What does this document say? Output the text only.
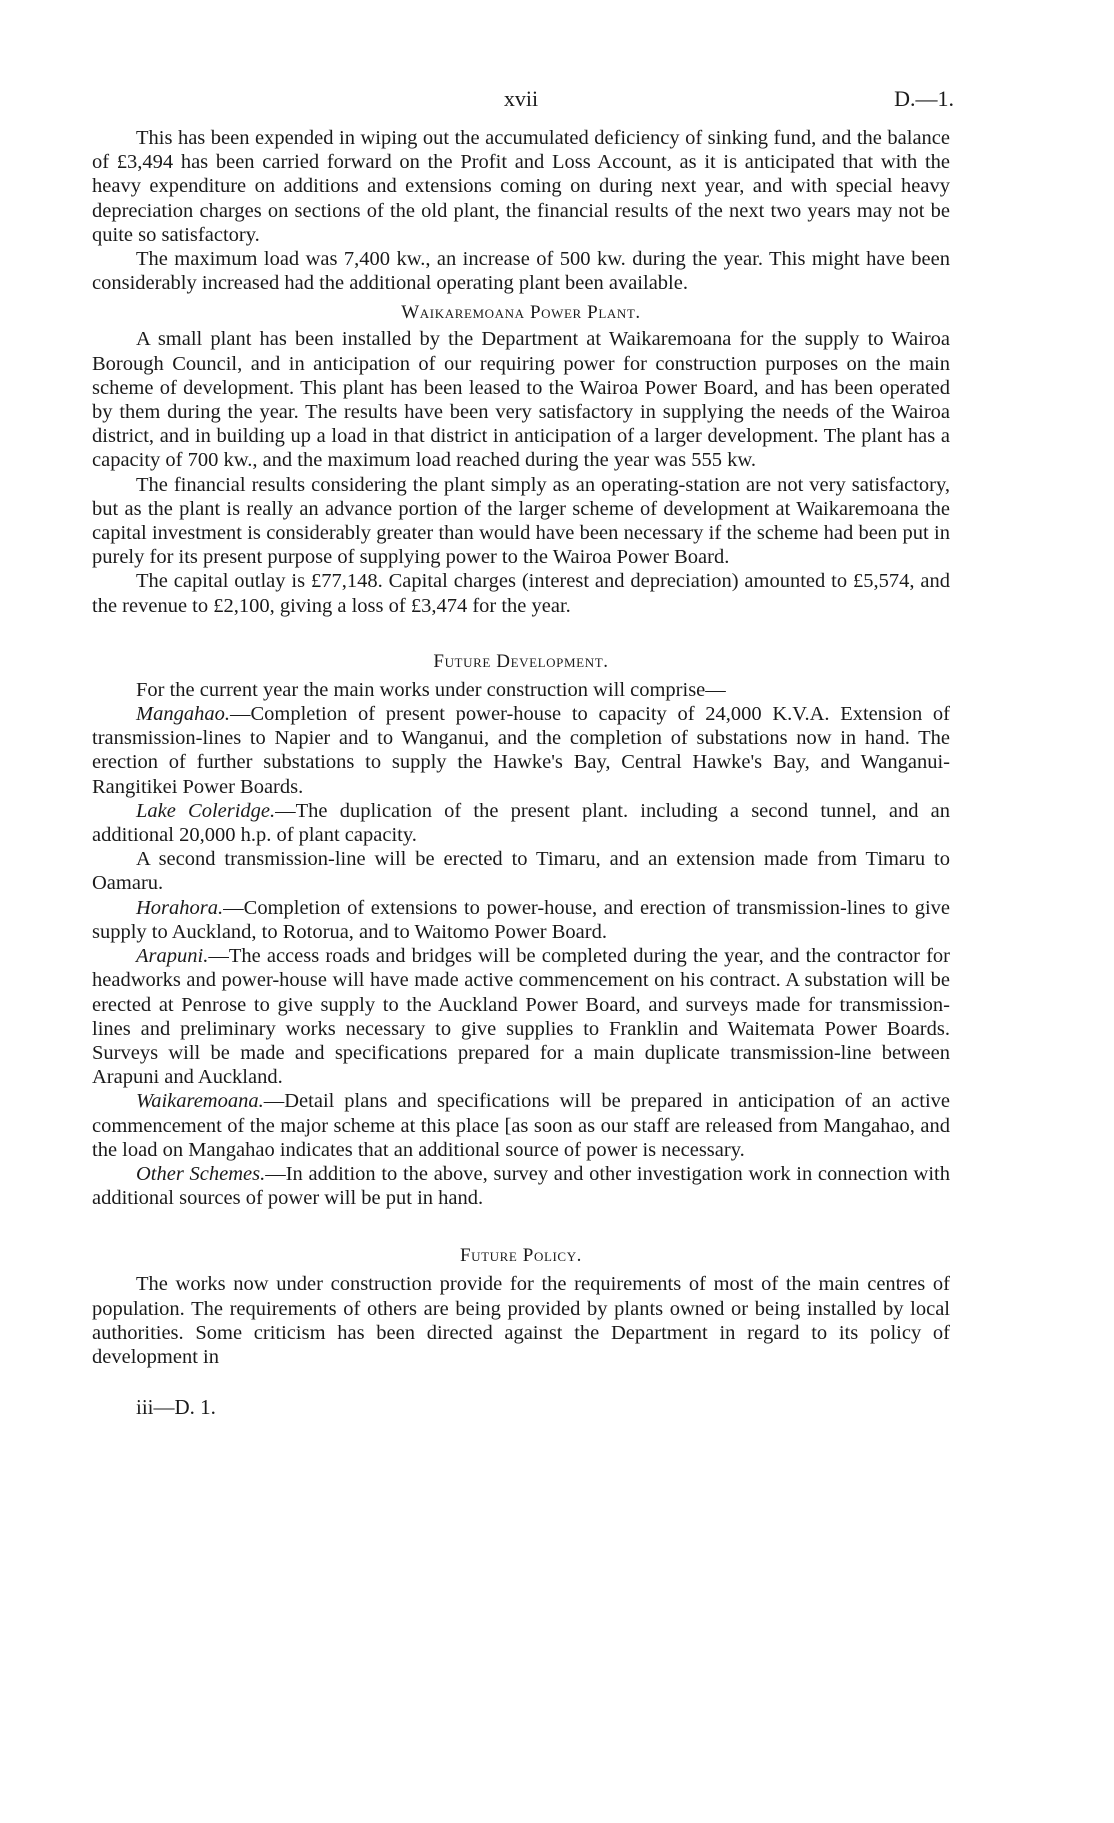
xvii	D.—1.

This has been expended in wiping out the accumulated deficiency of sinking fund, and the balance of £3,494 has been carried forward on the Profit and Loss Account, as it is anticipated that with the heavy expenditure on additions and extensions coming on during next year, and with special heavy depreciation charges on sections of the old plant, the financial results of the next two years may not be quite so satisfactory.

The maximum load was 7,400 kw., an increase of 500 kw. during the year. This might have been considerably increased had the additional operating plant been available.

Waikaremoana Power Plant.

A small plant has been installed by the Department at Waikaremoana for the supply to Wairoa Borough Council, and in anticipation of our requiring power for construction purposes on the main scheme of development. This plant has been leased to the Wairoa Power Board, and has been operated by them during the year. The results have been very satisfactory in supplying the needs of the Wairoa district, and in building up a load in that district in anticipation of a larger development. The plant has a capacity of 700 kw., and the maximum load reached during the year was 555 kw.

The financial results considering the plant simply as an operating-station are not very satisfactory, but as the plant is really an advance portion of the larger scheme of development at Waikaremoana the capital investment is considerably greater than would have been necessary if the scheme had been put in purely for its present purpose of supplying power to the Wairoa Power Board.

The capital outlay is £77,148. Capital charges (interest and depreciation) amounted to £5,574, and the revenue to £2,100, giving a loss of £3,474 for the year.

Future Development.

For the current year the main works under construction will comprise—

Mangahao.—Completion of present power-house to capacity of 24,000 K.V.A. Extension of transmission-lines to Napier and to Wanganui, and the completion of substations now in hand. The erection of further substations to supply the Hawke's Bay, Central Hawke's Bay, and Wanganui-Rangitikei Power Boards.

Lake Coleridge.—The duplication of the present plant. including a second tunnel, and an additional 20,000 h.p. of plant capacity.

A second transmission-line will be erected to Timaru, and an extension made from Timaru to Oamaru.

Horahora.—Completion of extensions to power-house, and erection of transmission-lines to give supply to Auckland, to Rotorua, and to Waitomo Power Board.

Arapuni.—The access roads and bridges will be completed during the year, and the contractor for headworks and power-house will have made active commencement on his contract. A substation will be erected at Penrose to give supply to the Auckland Power Board, and surveys made for transmission-lines and preliminary works necessary to give supplies to Franklin and Waitemata Power Boards. Surveys will be made and specifications prepared for a main duplicate transmission-line between Arapuni and Auckland.

Waikaremoana.—Detail plans and specifications will be prepared in anticipation of an active commencement of the major scheme at this place [as soon as our staff are released from Mangahao, and the load on Mangahao indicates that an additional source of power is necessary.

Other Schemes.—In addition to the above, survey and other investigation work in connection with additional sources of power will be put in hand.

Future Policy.

The works now under construction provide for the requirements of most of the main centres of population. The requirements of others are being provided by plants owned or being installed by local authorities. Some criticism has been directed against the Department in regard to its policy of development in

iii—D. 1.
